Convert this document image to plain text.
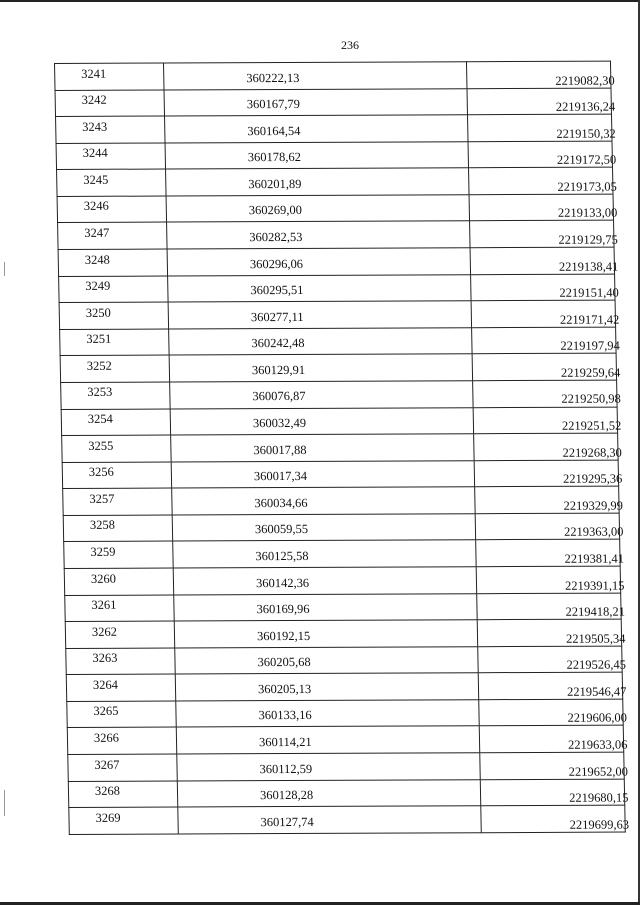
236
3241	360222,13	2219082,30
3242	360167,79	2219136,24
3243	360164,54	2219150,32
3244	360178,62	2219172,50
3245	360201,89	2219173,05
3246	360269,00	2219133,00
3247	360282,53	2219129,75
3248	360296,06	2219138,41
3249	360295,51	2219151,40
3250	360277,11	2219171,42
3251	360242,48	2219197,94
3252	360129,91	2219259,64
3253	360076,87	2219250,98
3254	360032,49	2219251,52
3255	360017,88	2219268,30
3256	360017,34	2219295,36
3257	360034,66	2219329,99
3258	360059,55	2219363,00
3259	360125,58	2219381,41
3260	360142,36	2219391,15
3261	360169,96	2219418,21
3262	360192,15	2219505,34
3263	360205,68	2219526,45
3264	360205,13	2219546,47
3265	360133,16	2219606,00
3266	360114,21	2219633,06
3267	360112,59	2219652,00
3268	360128,28	2219680,15
3269	360127,74	2219699,63
